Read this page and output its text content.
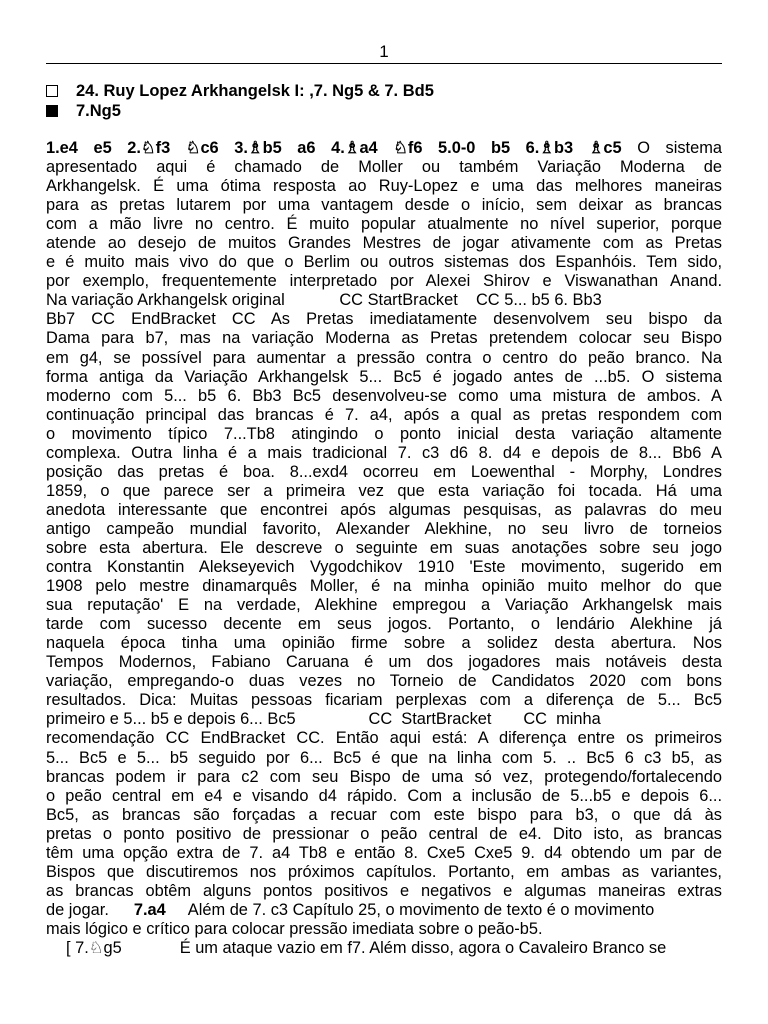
1
24. Ruy Lopez Arkhangelsk I: ,7. Ng5 & 7. Bd5
7.Ng5
1.e4 e5 2.♘f3 ♘c6 3.♗b5 a6 4.♗a4 ♘f6 5.0-0 b5 6.♗b3 ♗c5 O sistema
apresentado aqui é chamado de Moller ou também Variação Moderna de
Arkhangelsk. É uma ótima resposta ao Ruy-Lopez e uma das melhores maneiras
para as pretas lutarem por uma vantagem desde o início, sem deixar as brancas
com a mão livre no centro. É muito popular atualmente no nível superior, porque
atende ao desejo de muitos Grandes Mestres de jogar ativamente com as Pretas
e é muito mais vivo do que o Berlim ou outros sistemas dos Espanhóis. Tem sido,
por exemplo, frequentemente interpretado por Alexei Shirov e Viswanathan Anand.
Na variação Arkhangelsk original            CC StartBracket    CC 5... b5 6. Bb3
Bb7 CC EndBracket CC As Pretas imediatamente desenvolvem seu bispo da
Dama para b7, mas na variação Moderna as Pretas pretendem colocar seu Bispo
em g4, se possível para aumentar a pressão contra o centro do peão branco. Na
forma antiga da Variação Arkhangelsk 5... Bc5 é jogado antes de ...b5. O sistema
moderno com 5... b5 6. Bb3 Bc5 desenvolveu-se como uma mistura de ambos. A
continuação principal das brancas é 7. a4, após a qual as pretas respondem com
o movimento típico 7...Tb8 atingindo o ponto inicial desta variação altamente
complexa. Outra linha é a mais tradicional 7. c3 d6 8. d4 e depois de 8... Bb6 A
posição das pretas é boa. 8...exd4 ocorreu em Loewenthal - Morphy, Londres
1859, o que parece ser a primeira vez que esta variação foi tocada. Há uma
anedota interessante que encontrei após algumas pesquisas, as palavras do meu
antigo campeão mundial favorito, Alexander Alekhine, no seu livro de torneios
sobre esta abertura. Ele descreve o seguinte em suas anotações sobre seu jogo
contra Konstantin Alekseyevich Vygodchikov 1910 'Este movimento, sugerido em
1908 pelo mestre dinamarquês Moller, é na minha opinião muito melhor do que
sua reputação' E na verdade, Alekhine empregou a Variação Arkhangelsk mais
tarde com sucesso decente em seus jogos. Portanto, o lendário Alekhine já
naquela época tinha uma opinião firme sobre a solidez desta abertura. Nos
Tempos Modernos, Fabiano Caruana é um dos jogadores mais notáveis desta
variação, empregando-o duas vezes no Torneio de Candidatos 2020 com bons
resultados. Dica: Muitas pessoas ficariam perplexas com a diferença de 5... Bc5
primeiro e 5... b5 e depois 6... Bc5                CC  StartBracket       CC  minha
recomendação CC EndBracket CC. Então aqui está: A diferença entre os primeiros
5... Bc5 e 5... b5 seguido por 6... Bc5 é que na linha com 5. .. Bc5 6 c3 b5, as
brancas podem ir para c2 com seu Bispo de uma só vez, protegendo/fortalecendo
o peão central em e4 e visando d4 rápido. Com a inclusão de 5...b5 e depois 6...
Bc5, as brancas são forçadas a recuar com este bispo para b3, o que dá às
pretas o ponto positivo de pressionar o peão central de e4. Dito isto, as brancas
têm uma opção extra de 7. a4 Tb8 e então 8. Cxe5 Cxe5 9. d4 obtendo um par de
Bispos que discutiremos nos próximos capítulos. Portanto, em ambas as variantes,
as brancas obtêm alguns pontos positivos e negativos e algumas maneiras extras
de jogar. 7.a4 Além de 7. c3 Capítulo 25, o movimento de texto é o movimento
mais lógico e crítico para colocar pressão imediata sobre o peão-b5.
[ 7.♘g5	É um ataque vazio em f7. Além disso, agora o Cavaleiro Branco se
